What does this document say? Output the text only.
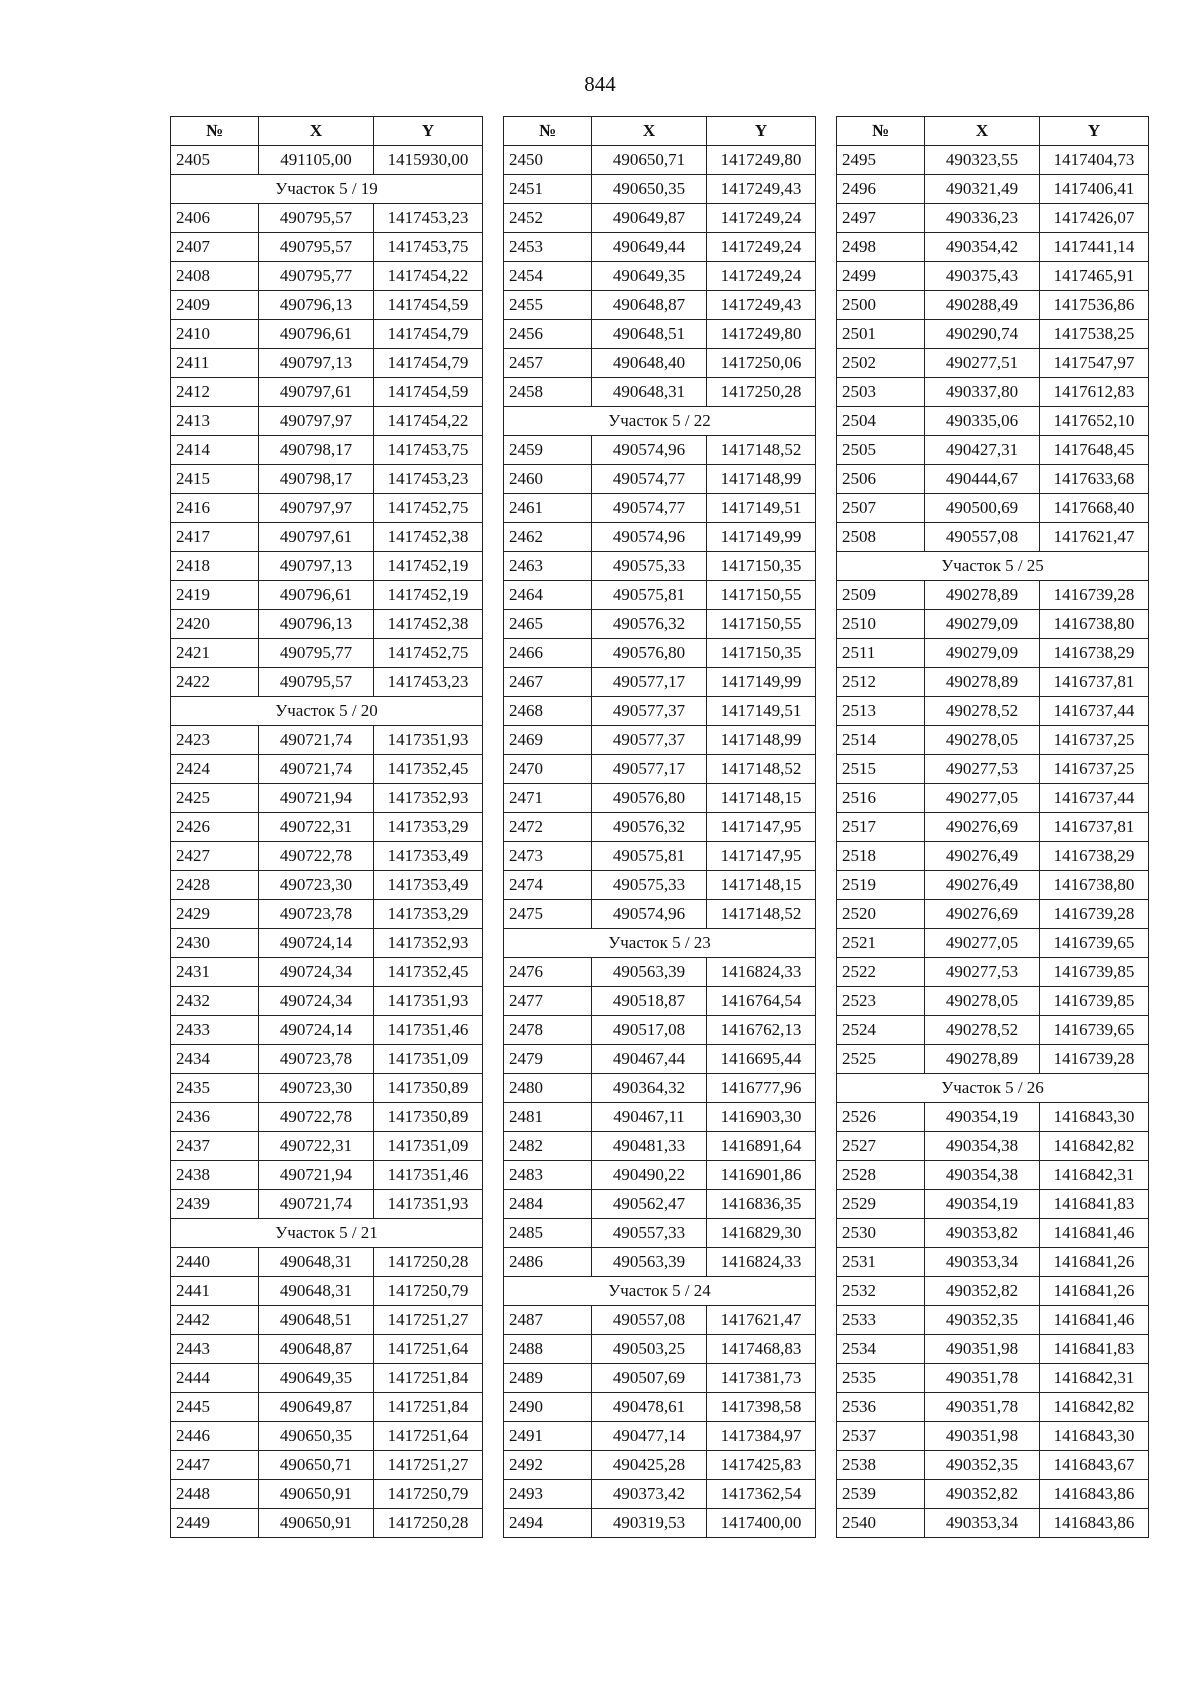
844
№	X	Y
2405	491105,00	1415930,00
Участок 5 / 19		
2406	490795,57	1417453,23
2407	490795,57	1417453,75
2408	490795,77	1417454,22
2409	490796,13	1417454,59
2410	490796,61	1417454,79
2411	490797,13	1417454,79
2412	490797,61	1417454,59
2413	490797,97	1417454,22
2414	490798,17	1417453,75
2415	490798,17	1417453,23
2416	490797,97	1417452,75
2417	490797,61	1417452,38
2418	490797,13	1417452,19
2419	490796,61	1417452,19
2420	490796,13	1417452,38
2421	490795,77	1417452,75
2422	490795,57	1417453,23
Участок 5 / 20		
2423	490721,74	1417351,93
2424	490721,74	1417352,45
2425	490721,94	1417352,93
2426	490722,31	1417353,29
2427	490722,78	1417353,49
2428	490723,30	1417353,49
2429	490723,78	1417353,29
2430	490724,14	1417352,93
2431	490724,34	1417352,45
2432	490724,34	1417351,93
2433	490724,14	1417351,46
2434	490723,78	1417351,09
2435	490723,30	1417350,89
2436	490722,78	1417350,89
2437	490722,31	1417351,09
2438	490721,94	1417351,46
2439	490721,74	1417351,93
Участок 5 / 21		
2440	490648,31	1417250,28
2441	490648,31	1417250,79
2442	490648,51	1417251,27
2443	490648,87	1417251,64
2444	490649,35	1417251,84
2445	490649,87	1417251,84
2446	490650,35	1417251,64
2447	490650,71	1417251,27
2448	490650,91	1417250,79
2449	490650,91	1417250,28
№	X	Y
2450	490650,71	1417249,80
2451	490650,35	1417249,43
2452	490649,87	1417249,24
2453	490649,44	1417249,24
2454	490649,35	1417249,24
2455	490648,87	1417249,43
2456	490648,51	1417249,80
2457	490648,40	1417250,06
2458	490648,31	1417250,28
Участок 5 / 22		
2459	490574,96	1417148,52
2460	490574,77	1417148,99
2461	490574,77	1417149,51
2462	490574,96	1417149,99
2463	490575,33	1417150,35
2464	490575,81	1417150,55
2465	490576,32	1417150,55
2466	490576,80	1417150,35
2467	490577,17	1417149,99
2468	490577,37	1417149,51
2469	490577,37	1417148,99
2470	490577,17	1417148,52
2471	490576,80	1417148,15
2472	490576,32	1417147,95
2473	490575,81	1417147,95
2474	490575,33	1417148,15
2475	490574,96	1417148,52
Участок 5 / 23		
2476	490563,39	1416824,33
2477	490518,87	1416764,54
2478	490517,08	1416762,13
2479	490467,44	1416695,44
2480	490364,32	1416777,96
2481	490467,11	1416903,30
2482	490481,33	1416891,64
2483	490490,22	1416901,86
2484	490562,47	1416836,35
2485	490557,33	1416829,30
2486	490563,39	1416824,33
Участок 5 / 24		
2487	490557,08	1417621,47
2488	490503,25	1417468,83
2489	490507,69	1417381,73
2490	490478,61	1417398,58
2491	490477,14	1417384,97
2492	490425,28	1417425,83
2493	490373,42	1417362,54
2494	490319,53	1417400,00
№	X	Y
2495	490323,55	1417404,73
2496	490321,49	1417406,41
2497	490336,23	1417426,07
2498	490354,42	1417441,14
2499	490375,43	1417465,91
2500	490288,49	1417536,86
2501	490290,74	1417538,25
2502	490277,51	1417547,97
2503	490337,80	1417612,83
2504	490335,06	1417652,10
2505	490427,31	1417648,45
2506	490444,67	1417633,68
2507	490500,69	1417668,40
2508	490557,08	1417621,47
Участок 5 / 25		
2509	490278,89	1416739,28
2510	490279,09	1416738,80
2511	490279,09	1416738,29
2512	490278,89	1416737,81
2513	490278,52	1416737,44
2514	490278,05	1416737,25
2515	490277,53	1416737,25
2516	490277,05	1416737,44
2517	490276,69	1416737,81
2518	490276,49	1416738,29
2519	490276,49	1416738,80
2520	490276,69	1416739,28
2521	490277,05	1416739,65
2522	490277,53	1416739,85
2523	490278,05	1416739,85
2524	490278,52	1416739,65
2525	490278,89	1416739,28
Участок 5 / 26		
2526	490354,19	1416843,30
2527	490354,38	1416842,82
2528	490354,38	1416842,31
2529	490354,19	1416841,83
2530	490353,82	1416841,46
2531	490353,34	1416841,26
2532	490352,82	1416841,26
2533	490352,35	1416841,46
2534	490351,98	1416841,83
2535	490351,78	1416842,31
2536	490351,78	1416842,82
2537	490351,98	1416843,30
2538	490352,35	1416843,67
2539	490352,82	1416843,86
2540	490353,34	1416843,86
